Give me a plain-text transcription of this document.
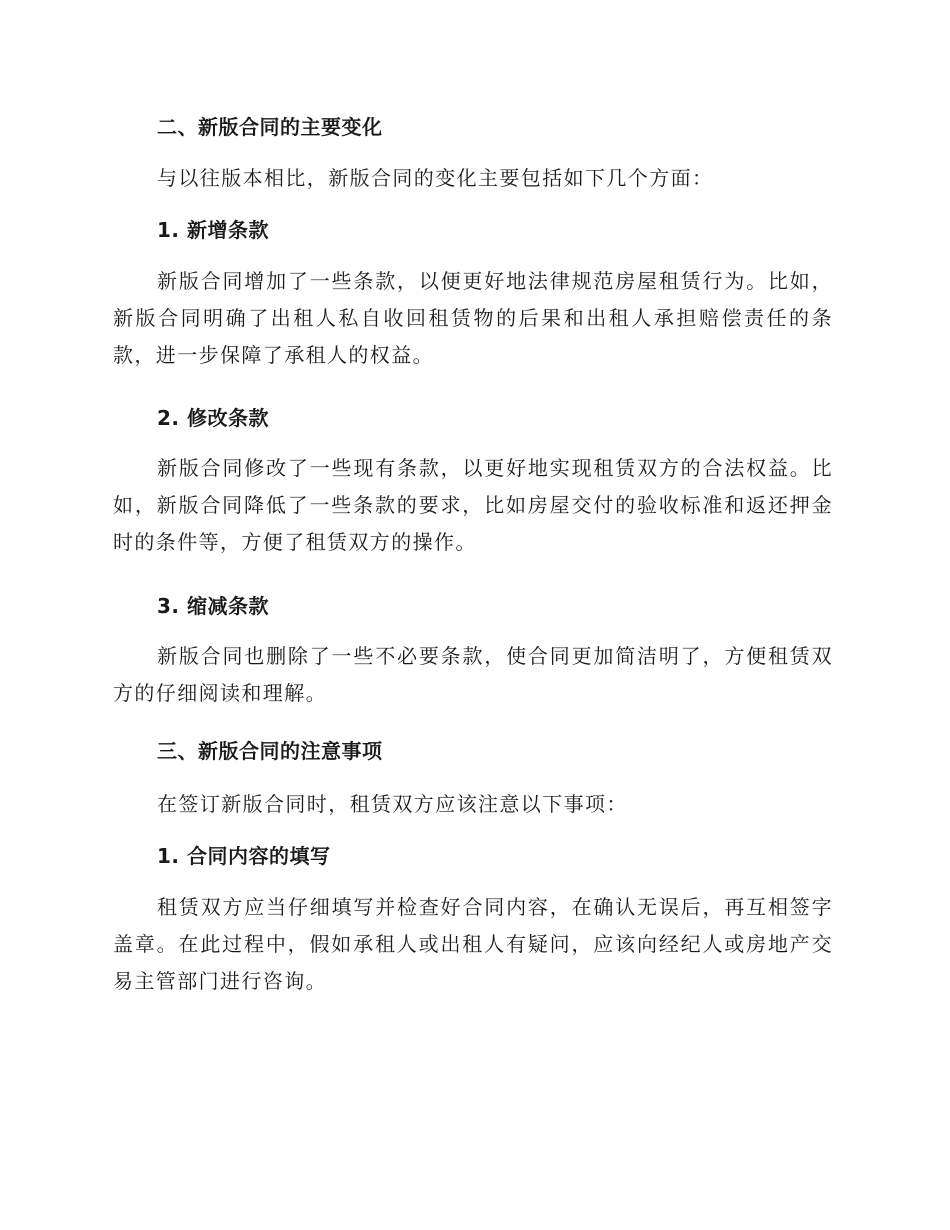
二、新版合同的主要变化
与以往版本相比，新版合同的变化主要包括如下几个方面：
1. 新增条款
新版合同增加了一些条款，以便更好地法律规范房屋租赁行为。比如，新版合同明确了出租人私自收回租赁物的后果和出租人承担赔偿责任的条款，进一步保障了承租人的权益。
2. 修改条款
新版合同修改了一些现有条款，以更好地实现租赁双方的合法权益。比如，新版合同降低了一些条款的要求，比如房屋交付的验收标准和返还押金时的条件等，方便了租赁双方的操作。
3. 缩减条款
新版合同也删除了一些不必要条款，使合同更加简洁明了，方便租赁双方的仔细阅读和理解。
三、新版合同的注意事项
在签订新版合同时，租赁双方应该注意以下事项：
1. 合同内容的填写
租赁双方应当仔细填写并检查好合同内容，在确认无误后，再互相签字盖章。在此过程中，假如承租人或出租人有疑问，应该向经纪人或房地产交易主管部门进行咨询。
